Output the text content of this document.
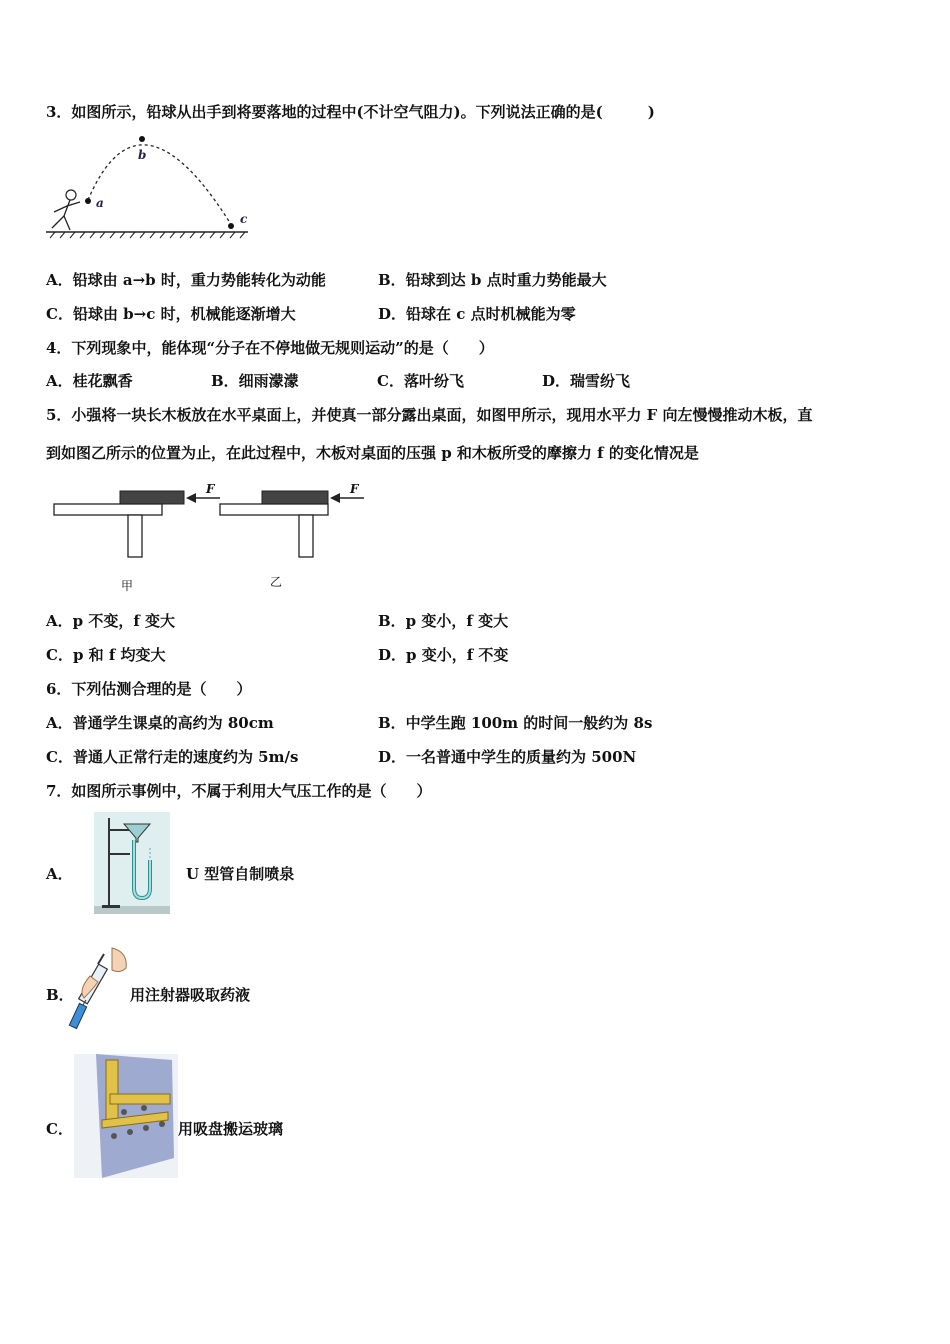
3．如图所示，铅球从出手到将要落地的过程中(不计空气阻力)。下列说法正确的是(　　　)
b
a
c
A．铅球由 a→b 时，重力势能转化为动能	B．铅球到达 b 点时重力势能最大
C．铅球由 b→c 时，机械能逐渐增大	D．铅球在 c 点时机械能为零
4．下列现象中，能体现“分子在不停地做无规则运动”的是（　　）
A．桂花飘香	B．细雨濛濛	C．落叶纷飞	D．瑞雪纷飞
5．小强将一块长木板放在水平桌面上，并使真一部分露出桌面，如图甲所示，现用水平力 F 向左慢慢推动木板，直
到如图乙所示的位置为止，在此过程中，木板对桌面的压强 p 和木板所受的摩擦力 f 的变化情况是
F
甲
F
乙
A．p 不变，f 变大	B．p 变小，f 变大
C．p 和 f 均变大	D．p 变小，f 不变
6．下列估测合理的是（　　）
A．普通学生课桌的高约为 80cm	B．中学生跑 100m 的时间一般约为 8s
C．普通人正常行走的速度约为 5m/s	D．一名普通中学生的质量约为 500N
7．如图所示事例中，不属于利用大气压工作的是（　　）
A．	U 型管自制喷泉
B．	用注射器吸取药液
C．	用吸盘搬运玻璃
